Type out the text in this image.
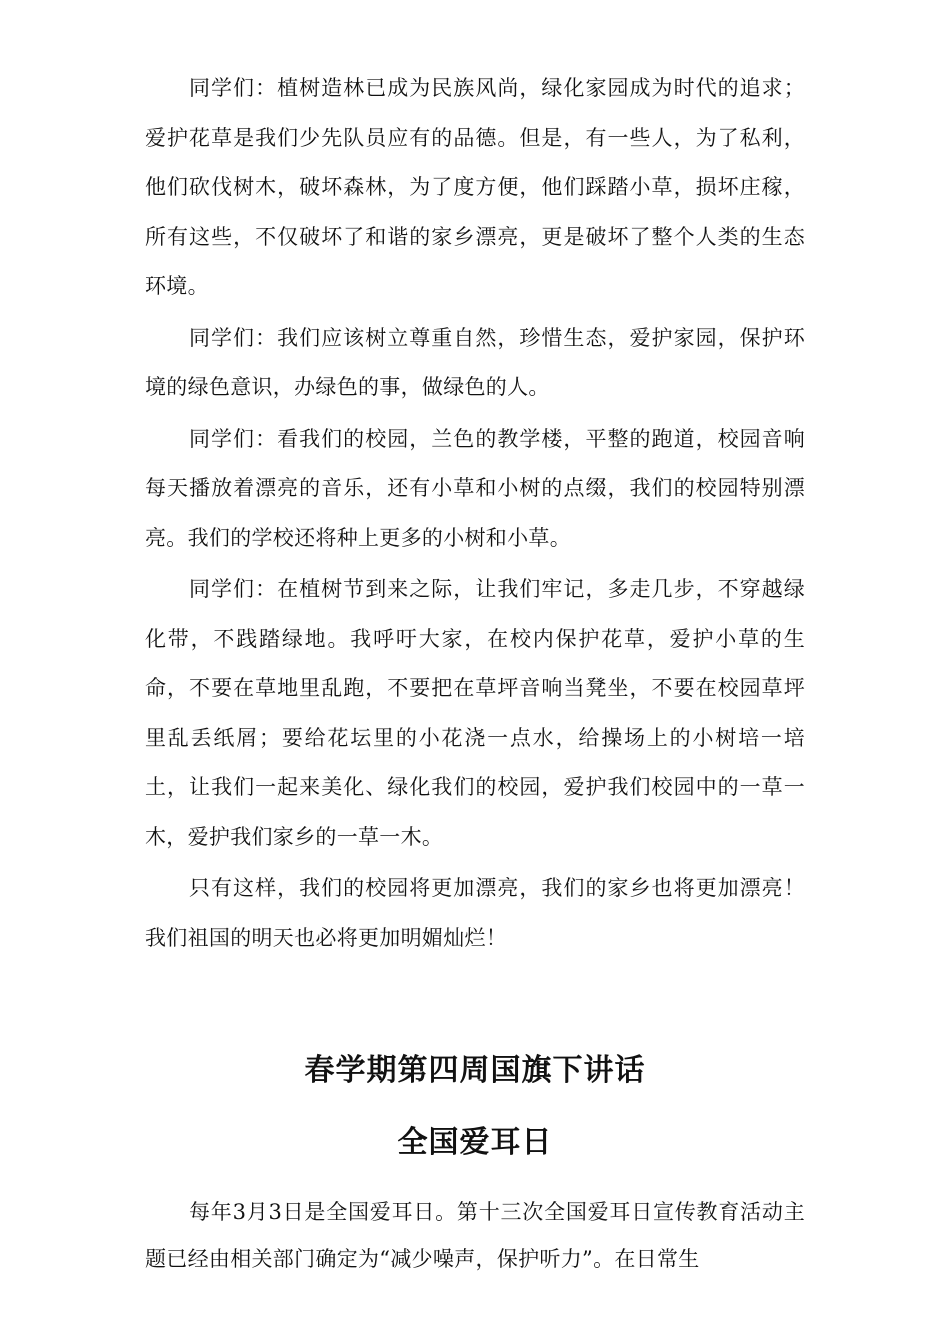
同学们：植树造林已成为民族风尚，绿化家园成为时代的追求；爱护花草是我们少先队员应有的品德。但是，有一些人，为了私利，他们砍伐树木，破坏森林，为了度方便，他们踩踏小草，损坏庄稼，所有这些，不仅破坏了和谐的家乡漂亮，更是破坏了整个人类的生态环境。

同学们：我们应该树立尊重自然，珍惜生态，爱护家园，保护环境的绿色意识，办绿色的事，做绿色的人。

同学们：看我们的校园，兰色的教学楼，平整的跑道，校园音响每天播放着漂亮的音乐，还有小草和小树的点缀，我们的校园特别漂亮。我们的学校还将种上更多的小树和小草。

同学们：在植树节到来之际，让我们牢记，多走几步，不穿越绿化带，不践踏绿地。我呼吁大家，在校内保护花草，爱护小草的生命，不要在草地里乱跑，不要把在草坪音响当凳坐，不要在校园草坪里乱丢纸屑；要给花坛里的小花浇一点水，给操场上的小树培一培土，让我们一起来美化、绿化我们的校园，爱护我们校园中的一草一木，爱护我们家乡的一草一木。

只有这样，我们的校园将更加漂亮，我们的家乡也将更加漂亮！我们祖国的明天也必将更加明媚灿烂！

春学期第四周国旗下讲话
全国爱耳日

每年3月3日是全国爱耳日。第十三次全国爱耳日宣传教育活动主题已经由相关部门确定为“减少噪声，保护听力”。在日常生
